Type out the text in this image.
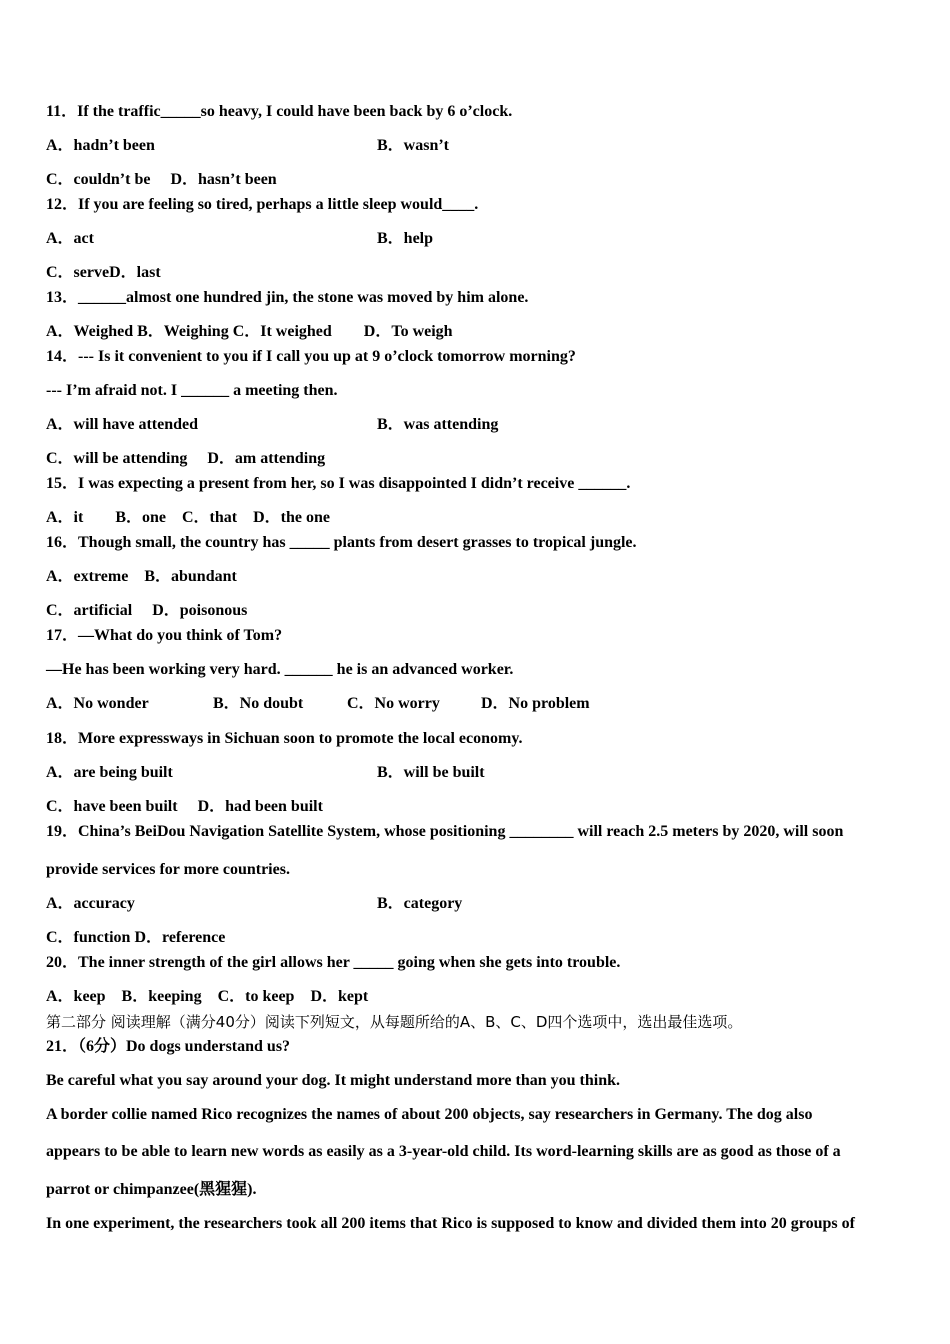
11．If the traffic_____so heavy, I could have been back by 6 o’clock.
A．hadn’t been	B．wasn’t
C．couldn’t be　 D．hasn’t been
12．If you are feeling so tired, perhaps a little sleep would____.
A．act	B．help
C．serveD．last
13．______almost one hundred jin, the stone was moved by him alone.
A．Weighed B．Weighing C．It weighed　　D．To weigh
14．--- Is it convenient to you if I call you up at 9 o’clock tomorrow morning?
--- I’m afraid not. I ______ a meeting then.
A．will have attended	B．was attending
C．will be attending　 D．am attending
15．I was expecting a present from her, so I was disappointed I didn’t receive ______.
A．it　　B．one　C．that　D．the one
16．Though small, the country has _____ plants from desert grasses to tropical jungle.
A．extreme　B．abundant
C．artificial　 D．poisonous
17．—What do you think of Tom?
—He has been working very hard. ______ he is an advanced worker.
A．No wonder	B．No doubt	C．No worry	D．No problem
18．More expressways in Sichuan soon to promote the local economy.
A．are being built	B．will be built
C．have been built　 D．had been built
19．China’s BeiDou Navigation Satellite System, whose positioning ________ will reach 2.5 meters by 2020, will soon
provide services for more countries.
A．accuracy	B．category
C．function D．reference
20．The inner strength of the girl allows her _____ going when she gets into trouble.
A．keep　B．keeping　C．to keep　D．kept
第二部分 阅读理解（满分40分）阅读下列短文，从每题所给的A、B、C、D四个选项中，选出最佳选项。
21．（6分）Do dogs understand us?
Be careful what you say around your dog. It might understand more than you think.
A border collie named Rico recognizes the names of about 200 objects, say researchers in Germany. The dog also
appears to be able to learn new words as easily as a 3-year-old child. Its word-learning skills are as good as those of a
parrot or chimpanzee(黑猩猩).
In one experiment, the researchers took all 200 items that Rico is supposed to know and divided them into 20 groups of
